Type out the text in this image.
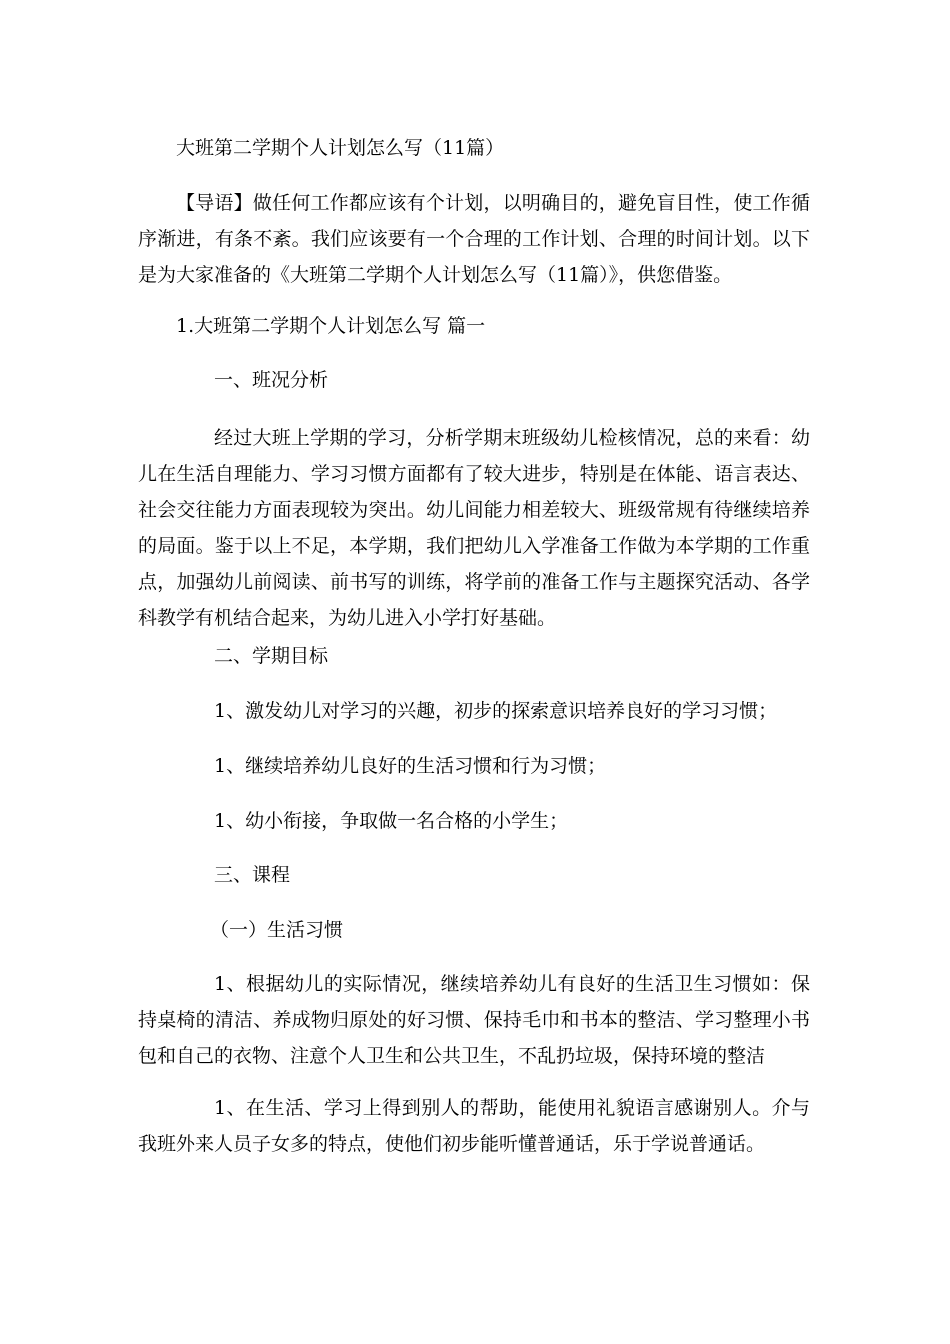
大班第二学期个人计划怎么写（11篇）

【导语】做任何工作都应该有个计划，以明确目的，避免盲目性，使工作循序渐进，有条不紊。我们应该要有一个合理的工作计划、合理的时间计划。以下是为大家准备的《大班第二学期个人计划怎么写（11篇）》，供您借鉴。

1.大班第二学期个人计划怎么写 篇一

一、班况分析

经过大班上学期的学习，分析学期末班级幼儿检核情况，总的来看：幼儿在生活自理能力、学习习惯方面都有了较大进步，特别是在体能、语言表达、社会交往能力方面表现较为突出。幼儿间能力相差较大、班级常规有待继续培养的局面。鉴于以上不足，本学期，我们把幼儿入学准备工作做为本学期的工作重点，加强幼儿前阅读、前书写的训练，将学前的准备工作与主题探究活动、各学科教学有机结合起来，为幼儿进入小学打好基础。

二、学期目标

1、激发幼儿对学习的兴趣，初步的探索意识培养良好的学习习惯；

1、继续培养幼儿良好的生活习惯和行为习惯；

1、幼小衔接，争取做一名合格的小学生；

三、课程

（一）生活习惯

1、根据幼儿的实际情况，继续培养幼儿有良好的生活卫生习惯如：保持桌椅的清洁、养成物归原处的好习惯、保持毛巾和书本的整洁、学习整理小书包和自己的衣物、注意个人卫生和公共卫生，不乱扔垃圾，保持环境的整洁

1、在生活、学习上得到别人的帮助，能使用礼貌语言感谢别人。介与我班外来人员子女多的特点，使他们初步能听懂普通话，乐于学说普通话。
